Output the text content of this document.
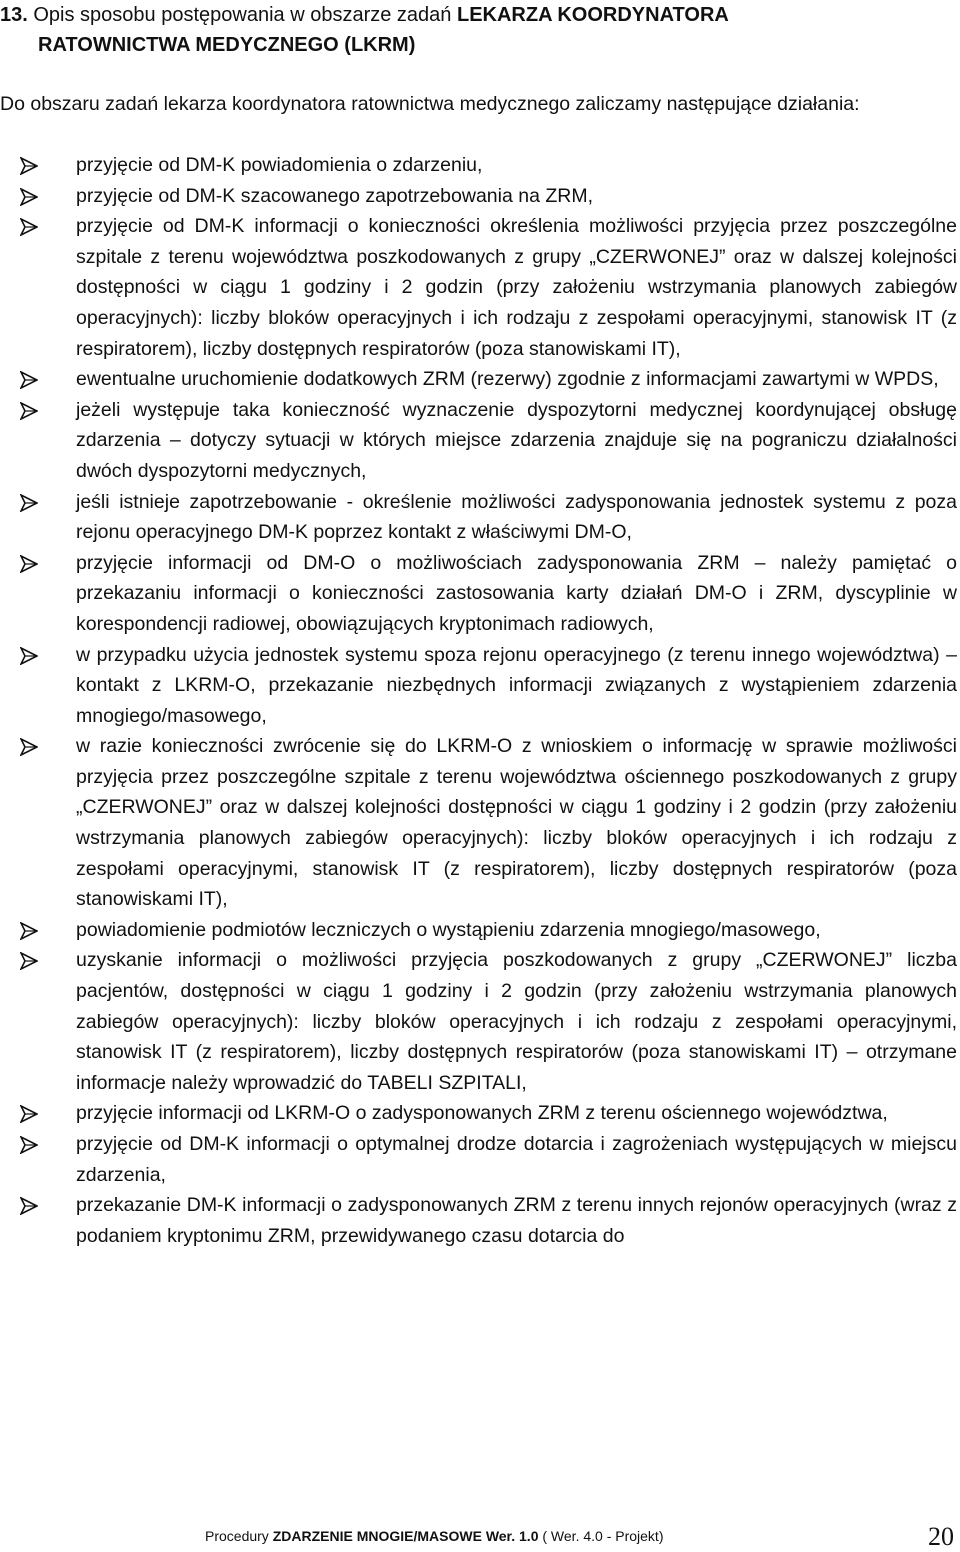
13. Opis sposobu postępowania w obszarze zadań LEKARZA KOORDYNATORA
RATOWNICTWA MEDYCZNEGO (LKRM)
Do obszaru zadań lekarza koordynatora ratownictwa medycznego zaliczamy następujące działania:
przyjęcie od DM-K powiadomienia o zdarzeniu,
przyjęcie od DM-K szacowanego zapotrzebowania na ZRM,
przyjęcie od DM-K informacji o konieczności określenia możliwości przyjęcia przez poszczególne szpitale z terenu województwa poszkodowanych z grupy „CZERWONEJ” oraz w dalszej kolejności dostępności w ciągu 1 godziny i 2 godzin (przy założeniu wstrzymania planowych zabiegów operacyjnych): liczby bloków operacyjnych i ich rodzaju z zespołami operacyjnymi, stanowisk IT (z respiratorem), liczby dostępnych respiratorów (poza stanowiskami IT),
ewentualne uruchomienie dodatkowych ZRM (rezerwy) zgodnie z informacjami zawartymi w WPDS,
jeżeli występuje taka konieczność wyznaczenie dyspozytorni medycznej koordynującej obsługę zdarzenia – dotyczy sytuacji w których miejsce zdarzenia znajduje się na pograniczu działalności dwóch dyspozytorni medycznych,
jeśli istnieje zapotrzebowanie - określenie możliwości zadysponowania jednostek systemu z poza rejonu operacyjnego DM-K poprzez kontakt z właściwymi DM-O,
przyjęcie informacji od DM-O o możliwościach zadysponowania ZRM – należy pamiętać o przekazaniu informacji o konieczności zastosowania karty działań DM-O i ZRM, dyscyplinie w korespondencji radiowej, obowiązujących kryptonimach radiowych,
w przypadku użycia jednostek systemu spoza rejonu operacyjnego (z terenu innego województwa) – kontakt z LKRM-O, przekazanie niezbędnych informacji związanych z wystąpieniem zdarzenia mnogiego/masowego,
w razie konieczności zwrócenie się do LKRM-O z wnioskiem o informację w sprawie możliwości przyjęcia przez poszczególne szpitale z terenu województwa ościennego poszkodowanych z grupy „CZERWONEJ” oraz w dalszej kolejności dostępności w ciągu 1 godziny i 2 godzin (przy założeniu wstrzymania planowych zabiegów operacyjnych): liczby bloków operacyjnych i ich rodzaju z zespołami operacyjnymi, stanowisk IT (z respiratorem), liczby dostępnych respiratorów (poza stanowiskami IT),
powiadomienie podmiotów leczniczych o wystąpieniu zdarzenia mnogiego/masowego,
uzyskanie informacji o możliwości przyjęcia poszkodowanych z grupy „CZERWONEJ” liczba pacjentów, dostępności w ciągu 1 godziny i 2 godzin (przy założeniu wstrzymania planowych zabiegów operacyjnych): liczby bloków operacyjnych i ich rodzaju z zespołami operacyjnymi, stanowisk IT (z respiratorem), liczby dostępnych respiratorów (poza stanowiskami IT) – otrzymane informacje należy wprowadzić do TABELI SZPITALI,
przyjęcie informacji od LKRM-O o zadysponowanych ZRM z terenu ościennego województwa,
przyjęcie od DM-K informacji o optymalnej drodze dotarcia i zagrożeniach występujących w miejscu zdarzenia,
przekazanie DM-K informacji o zadysponowanych ZRM z terenu innych rejonów operacyjnych (wraz z podaniem kryptonimu ZRM, przewidywanego czasu dotarcia do
Procedury ZDARZENIE MNOGIE/MASOWE Wer. 1.0 ( Wer. 4.0 - Projekt)	20
